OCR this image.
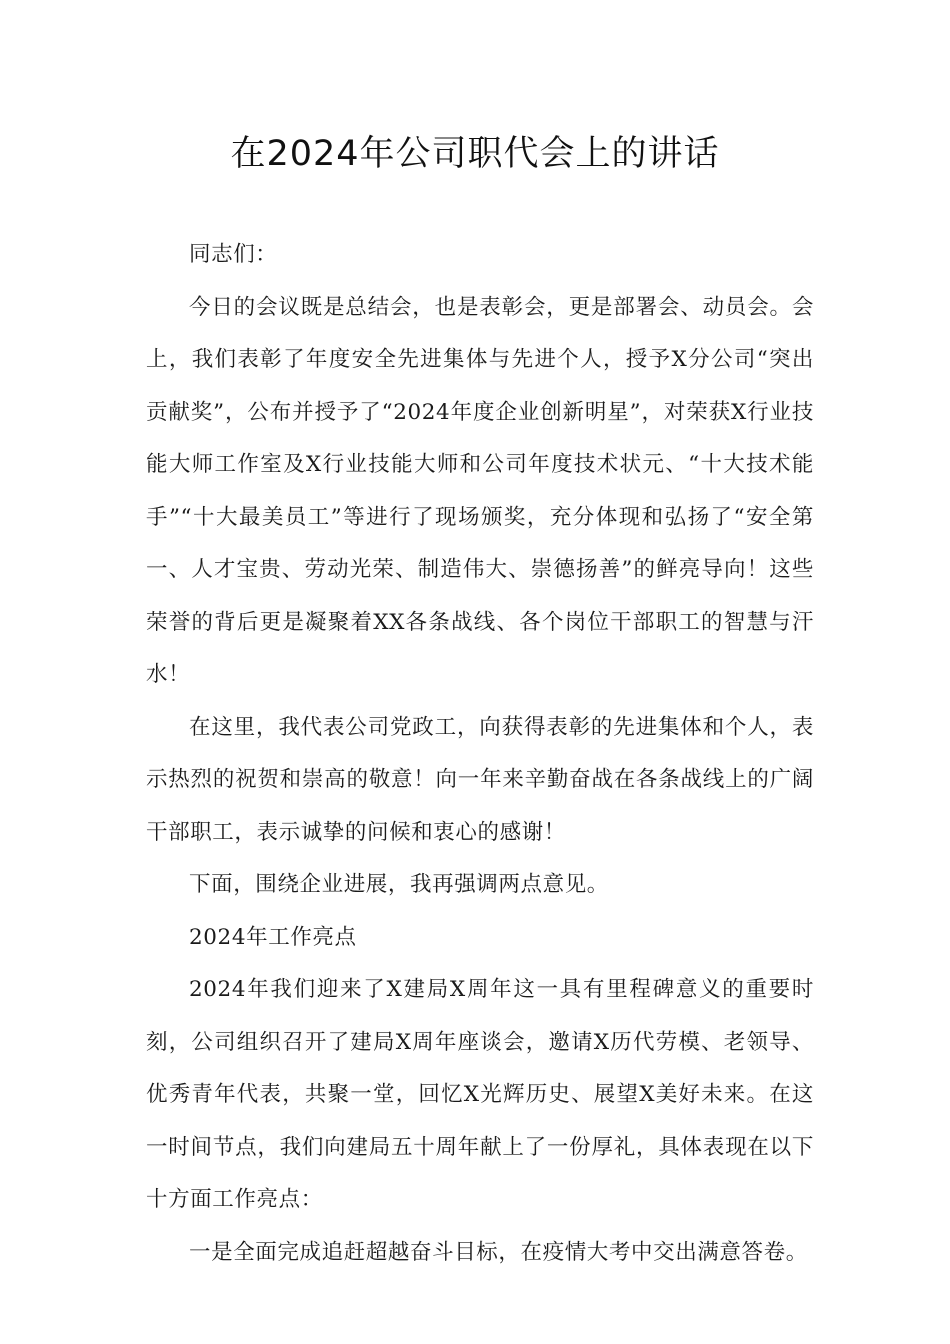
在2024年公司职代会上的讲话

同志们：

今日的会议既是总结会，也是表彰会，更是部署会、动员会。会上，我们表彰了年度安全先进集体与先进个人，授予X分公司“突出贡献奖”，公布并授予了“2024年度企业创新明星”，对荣获X行业技能大师工作室及X行业技能大师和公司年度技术状元、“十大技术能手”“十大最美员工”等进行了现场颁奖，充分体现和弘扬了“安全第一、人才宝贵、劳动光荣、制造伟大、崇德扬善”的鲜亮导向！这些荣誉的背后更是凝聚着XX各条战线、各个岗位干部职工的智慧与汗水！

在这里，我代表公司党政工，向获得表彰的先进集体和个人，表示热烈的祝贺和崇高的敬意！向一年来辛勤奋战在各条战线上的广阔干部职工，表示诚挚的问候和衷心的感谢！

下面，围绕企业进展，我再强调两点意见。

2024年工作亮点

2024年我们迎来了X建局X周年这一具有里程碑意义的重要时刻，公司组织召开了建局X周年座谈会，邀请X历代劳模、老领导、优秀青年代表，共聚一堂，回忆X光辉历史、展望X美好未来。在这一时间节点，我们向建局五十周年献上了一份厚礼，具体表现在以下十方面工作亮点：

一是全面完成追赶超越奋斗目标，在疫情大考中交出满意答卷。
